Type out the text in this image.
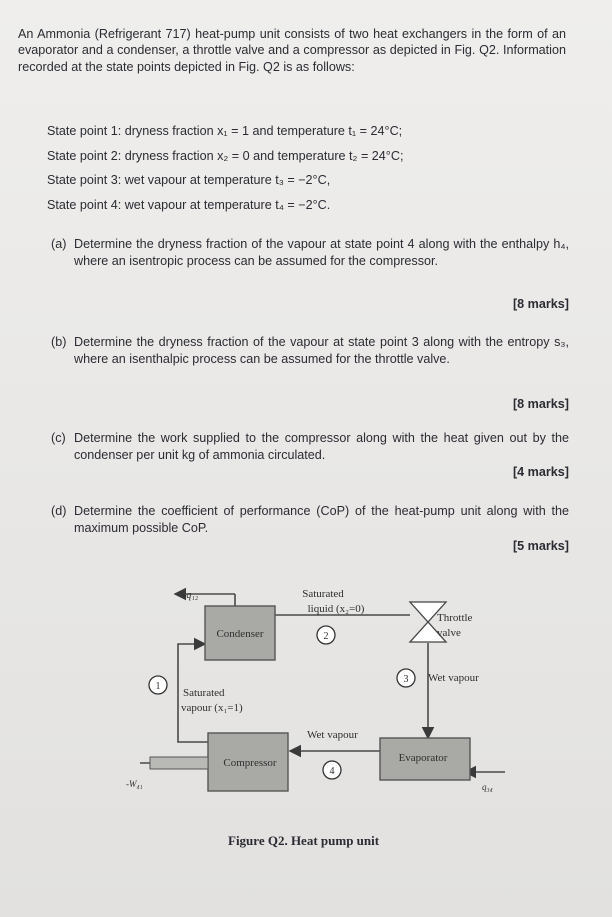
An Ammonia (Refrigerant 717) heat-pump unit consists of two heat exchangers in the form of an evaporator and a condenser, a throttle valve and a compressor as depicted in Fig. Q2. Information recorded at the state points depicted in Fig. Q2 is as follows:
State point 1: dryness fraction x₁ = 1 and temperature t₁ = 24°C;
State point 2: dryness fraction x₂ = 0 and temperature t₂ = 24°C;
State point 3: wet vapour at temperature t₃ = −2°C,
State point 4: wet vapour at temperature t₄ = −2°C.
(a) Determine the dryness fraction of the vapour at state point 4 along with the enthalpy h₄, where an isentropic process can be assumed for the compressor.
[8 marks]
(b) Determine the dryness fraction of the vapour at state point 3 along with the entropy s₃, where an isenthalpic process can be assumed for the throttle valve.
[8 marks]
(c) Determine the work supplied to the compressor along with the heat given out by the condenser per unit kg of ammonia circulated.
[4 marks]
(d) Determine the coefficient of performance (CoP) of the heat-pump unit along with the maximum possible CoP.
[5 marks]
1
2
3
4
-q₁₂
Condenser
Saturated
liquid (x₂=0)
Throttle
valve
Wet vapour
Saturated
vapour (x₁=1)
Wet vapour
Compressor	Evaporator
-W₄₁	q₃₄
Figure Q2. Heat pump unit
